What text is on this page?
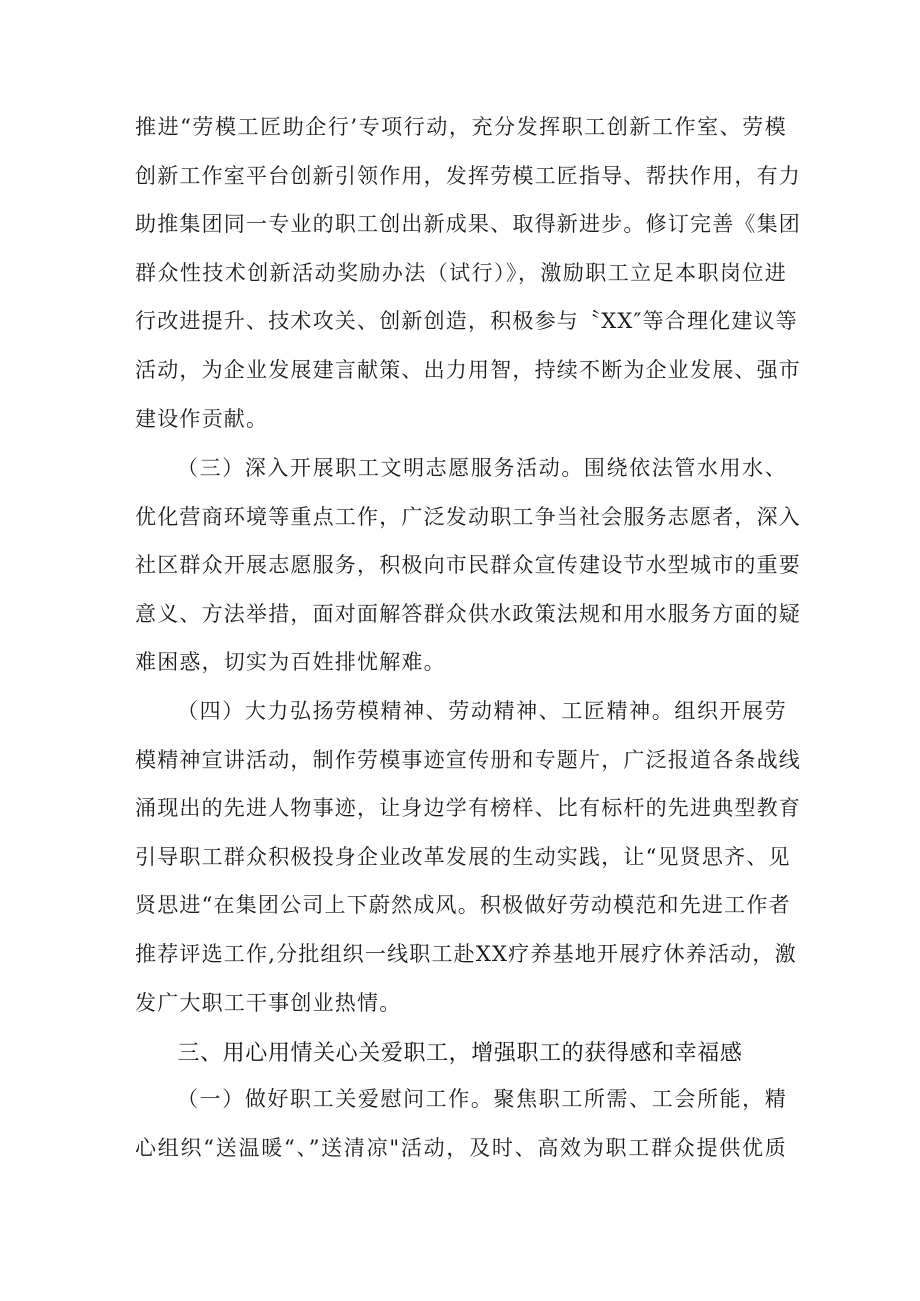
推进“劳模工匠助企行’专项行动，充分发挥职工创新工作室、劳模
创新工作室平台创新引领作用，发挥劳模工匠指导、帮扶作用，有力
助推集团同一专业的职工创出新成果、取得新进步。修订完善《集团
群众性技术创新活动奖励办法（试行）》，激励职工立足本职岗位进
行改进提升、技术攻关、创新创造，积极参与〝XX″等合理化建议等
活动，为企业发展建言献策、出力用智，持续不断为企业发展、强市
建设作贡献。
（三）深入开展职工文明志愿服务活动。围绕依法管水用水、
优化营商环境等重点工作，广泛发动职工争当社会服务志愿者，深入
社区群众开展志愿服务，积极向市民群众宣传建设节水型城市的重要
意义、方法举措，面对面解答群众供水政策法规和用水服务方面的疑
难困惑，切实为百姓排忧解难。
（四）大力弘扬劳模精神、劳动精神、工匠精神。组织开展劳
模精神宣讲活动，制作劳模事迹宣传册和专题片，广泛报道各条战线
涌现出的先进人物事迹，让身边学有榜样、比有标杆的先进典型教育
引导职工群众积极投身企业改革发展的生动实践，让“见贤思齐、见
贤思进“在集团公司上下蔚然成风。积极做好劳动模范和先进工作者
推荐评选工作,分批组织一线职工赴XX疗养基地开展疗休养活动，激
发广大职工干事创业热情。
三、用心用情关心关爱职工，增强职工的获得感和幸福感
（一）做好职工关爱慰问工作。聚焦职工所需、工会所能，精
心组织“送温暖“、”送清凉"活动，及时、高效为职工群众提供优质
